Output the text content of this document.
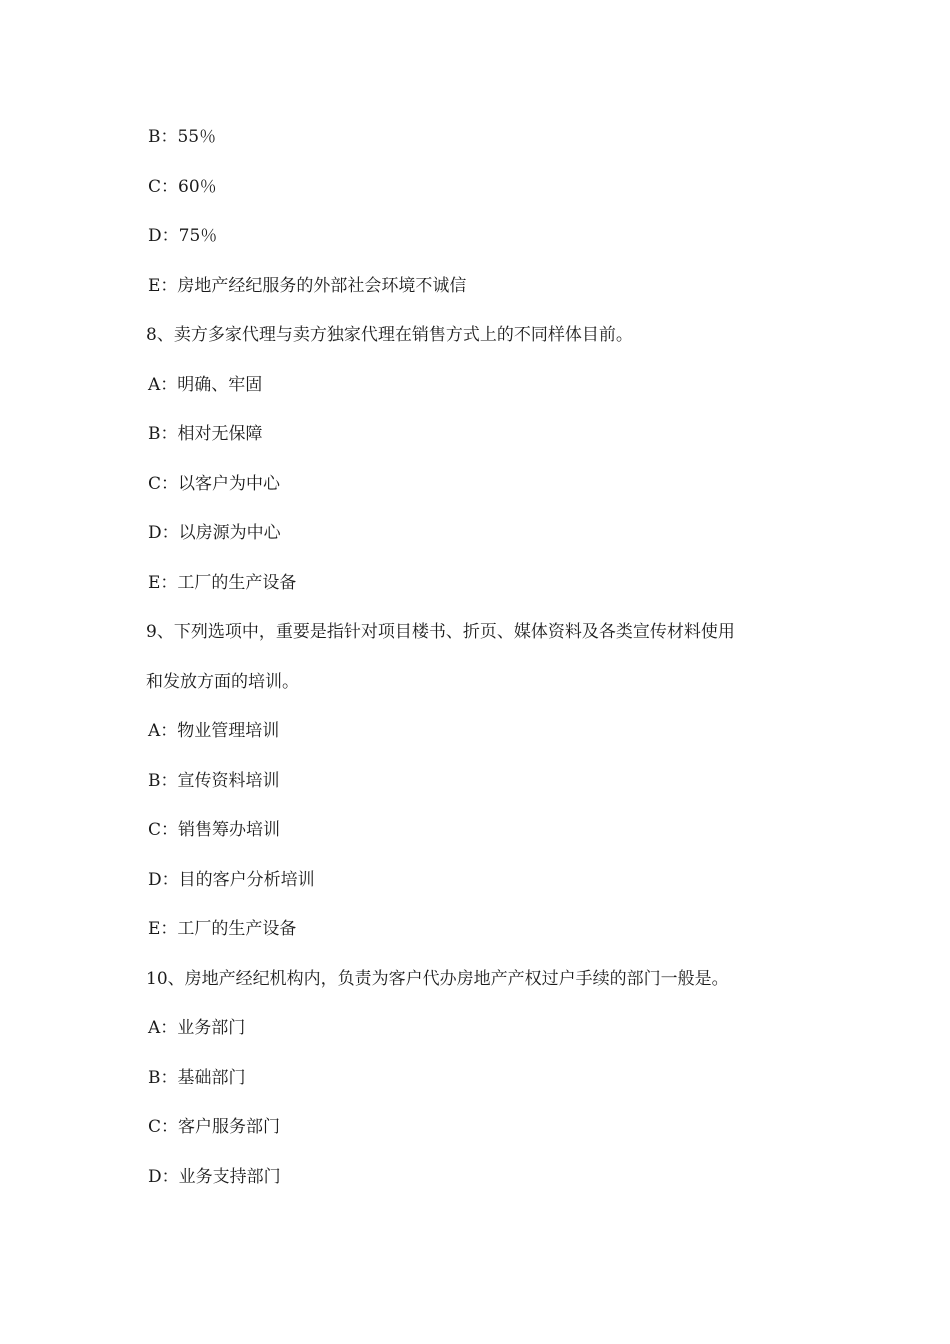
B：55％
C：60％
D：75％
E：房地产经纪服务的外部社会环境不诚信
8、卖方多家代理与卖方独家代理在销售方式上的不同样体目前。
A：明确、牢固
B：相对无保障
C：以客户为中心
D：以房源为中心
E：工厂的生产设备
9、下列选项中，重要是指针对项目楼书、折页、媒体资料及各类宣传材料使用
和发放方面的培训。
A：物业管理培训
B：宣传资料培训
C：销售筹办培训
D：目的客户分析培训
E：工厂的生产设备
10、房地产经纪机构内，负责为客户代办房地产产权过户手续的部门一般是。
A：业务部门
B：基础部门
C：客户服务部门
D：业务支持部门
